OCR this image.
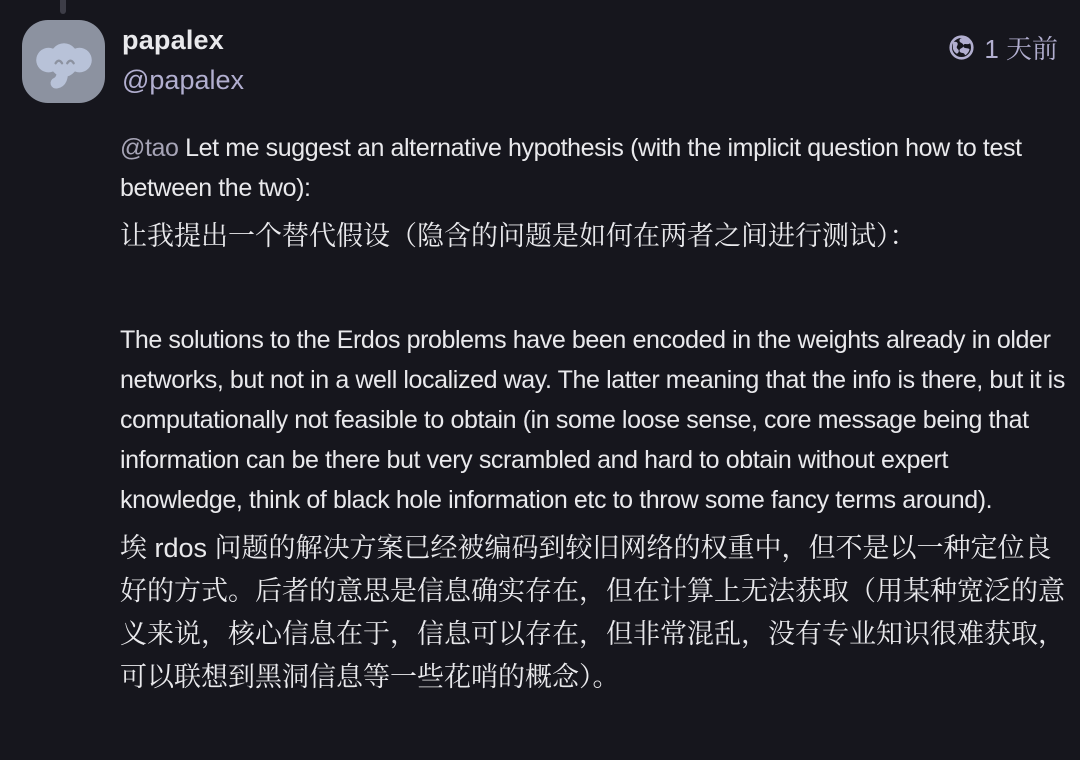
papalex
@papalex
1 天前

@tao Let me suggest an alternative hypothesis (with the implicit question how to test between the two):

让我提出一个替代假设（隐含的问题是如何在两者之间进行测试）：

The solutions to the Erdos problems have been encoded in the weights already in older networks, but not in a well localized way. The latter meaning that the info is there, but it is computationally not feasible to obtain (in some loose sense, core message being that information can be there but very scrambled and hard to obtain without expert knowledge, think of black hole information etc to throw some fancy terms around).

埃 rdos 问题的解决方案已经被编码到较旧网络的权重中，但不是以一种定位良好的方式。后者的意思是信息确实存在，但在计算上无法获取（用某种宽泛的意义来说，核心信息在于，信息可以存在，但非常混乱，没有专业知识很难获取，可以联想到黑洞信息等一些花哨的概念）。
